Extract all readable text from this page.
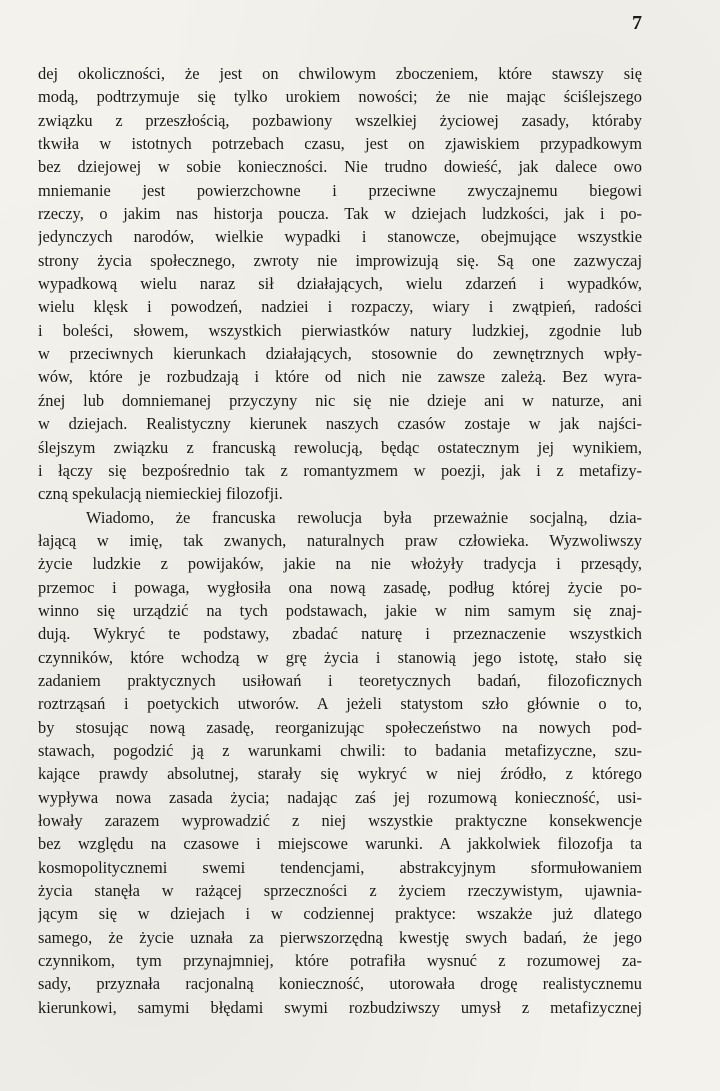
7
dej okoliczności, że jest on chwilowym zboczeniem, które stawszy się
modą, podtrzymuje się tylko urokiem nowości; że nie mając ściślejszego
związku z przeszłością, pozbawiony wszelkiej życiowej zasady, któraby
tkwiła w istotnych potrzebach czasu, jest on zjawiskiem przypadkowym
bez dziejowej w sobie konieczności. Nie trudno dowieść, jak dalece owo
mniemanie jest powierzchowne i przeciwne zwyczajnemu biegowi
rzeczy, o jakim nas historja poucza. Tak w dziejach ludzkości, jak i po-
jedynczych narodów, wielkie wypadki i stanowcze, obejmujące wszystkie
strony życia społecznego, zwroty nie improwizują się. Są one zazwyczaj
wypadkową wielu naraz sił działających, wielu zdarzeń i wypadków,
wielu klęsk i powodzeń, nadziei i rozpaczy, wiary i zwątpień, radości
i boleści, słowem, wszystkich pierwiastków natury ludzkiej, zgodnie lub
w przeciwnych kierunkach działających, stosownie do zewnętrznych wpły-
wów, które je rozbudzają i które od nich nie zawsze zależą. Bez wyra-
źnej lub domniemanej przyczyny nic się nie dzieje ani w naturze, ani
w dziejach. Realistyczny kierunek naszych czasów zostaje w jak najści-
ślejszym związku z francuską rewolucją, będąc ostatecznym jej wynikiem,
i łączy się bezpośrednio tak z romantyzmem w poezji, jak i z metafizy-
czną spekulacją niemieckiej filozofji.
Wiadomo, że francuska rewolucja była przeważnie socjalną, dzia-
łającą w imię, tak zwanych, naturalnych praw człowieka. Wyzwoliwszy
życie ludzkie z powijaków, jakie na nie włożyły tradycja i przesądy,
przemoc i powaga, wygłosiła ona nową zasadę, podług której życie po-
winno się urządzić na tych podstawach, jakie w nim samym się znaj-
dują. Wykryć te podstawy, zbadać naturę i przeznaczenie wszystkich
czynników, które wchodzą w grę życia i stanowią jego istotę, stało się
zadaniem praktycznych usiłowań i teoretycznych badań, filozoficznych
roztrząsań i poetyckich utworów. A jeżeli statystom szło głównie o to,
by stosując nową zasadę, reorganizując społeczeństwo na nowych pod-
stawach, pogodzić ją z warunkami chwili: to badania metafizyczne, szu-
kające prawdy absolutnej, starały się wykryć w niej źródło, z którego
wypływa nowa zasada życia; nadając zaś jej rozumową konieczność, usi-
łowały zarazem wyprowadzić z niej wszystkie praktyczne konsekwencje
bez względu na czasowe i miejscowe warunki. A jakkolwiek filozofja ta
kosmopolitycznemi swemi tendencjami, abstrakcyjnym sformułowaniem
życia stanęła w rażącej sprzeczności z życiem rzeczywistym, ujawnia-
jącym się w dziejach i w codziennej praktyce: wszakże już dlatego
samego, że życie uznała za pierwszorzędną kwestję swych badań, że jego
czynnikom, tym przynajmniej, które potrafiła wysnuć z rozumowej za-
sady, przyznała racjonalną konieczność, utorowała drogę realistycznemu
kierunkowi, samymi błędami swymi rozbudziwszy umysł z metafizycznej
